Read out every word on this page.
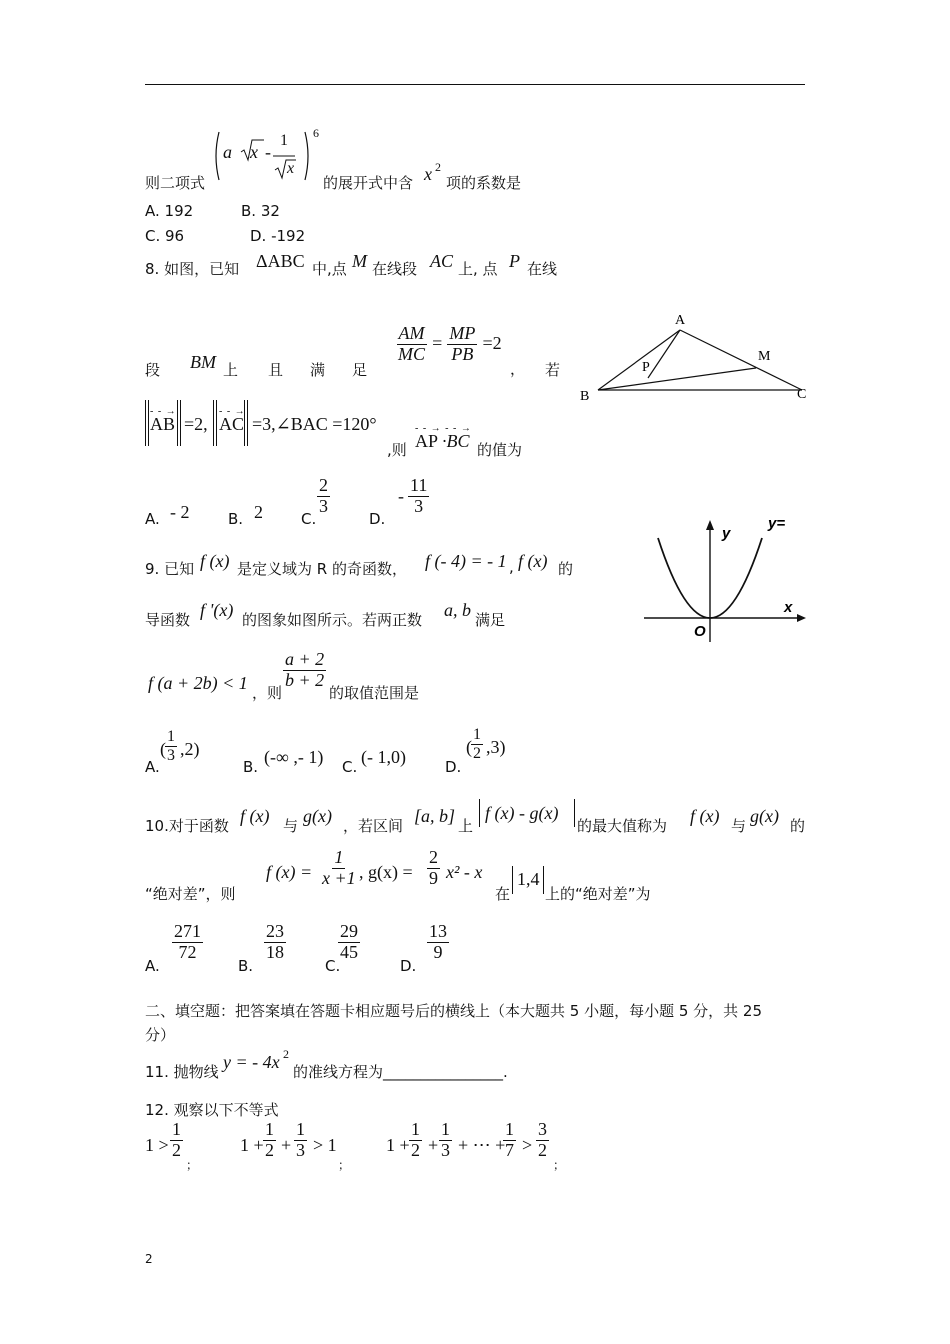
则二项式
a x -
1
x
6
的展开式中含 x 2
项的系数是
A. 192	B. 32
C. 96	D. -192
8. 如图，已知 ΔABC 中,点 M 在线段 AC 上, 点 P 在线
段 BM 上 且 满 足
$\frac{AM}{MC} = \frac{MP}{PB} =2$
， 若
- - →
AB =2,
- - →
AC =3,∠BAC =120°
,则
- - → - - →
AP ·BC 的值为
A. - 2	B. 2	C.
$\frac{2}{3}$
D.
- $\frac{11}{3}$
A
B	C
M
P
9. 已知 f (x) 是定义域为 R 的奇函数， f (- 4) = - 1 , f (x) 的
导函数 f '(x) 的图象如图所示。若两正数 a, b 满足
f (a + 2b) < 1 ，则
$\frac{a + 2}{b + 2}$
的取值范围是
A.
( $\frac{1}{3} ,2$)
B. (-∞ ,- 1) C. (- 1,0)	D.
( $\frac{1}{2} ,3$)
y
y=
x
O
10.对于函数 f (x) 与 g(x) ，若区间 [a, b] 上
f (x) - g(x)
的最大值称为 f (x) 与 g(x) 的
“绝对差”，则
f $(x) = \frac{1}{x +1}$ , $g(x) = \frac{2}{9} x^2 - x$
在
1,4
上的“绝对差”为
A.
$\frac{271}{72}$
B.
$\frac{23}{18}$
C.
$\frac{29}{45}$
D.
$\frac{13}{9}$
二、填空题：把答案填在答题卡相应题号后的横线上（本大题共 5 小题，每小题 5 分，共 25
分）
11. 抛物线 y = - 4x 2
的准线方程为________________.
12. 观察以下不等式
$1 > \frac{1}{2}$
；
$1 + \frac{1}{2} + \frac{1}{3} > 1$
；
$1 + \frac{1}{2} + \frac{1}{3}$ + ⋯ +
$\frac{1}{7} > \frac{3}{2}$
；
2
